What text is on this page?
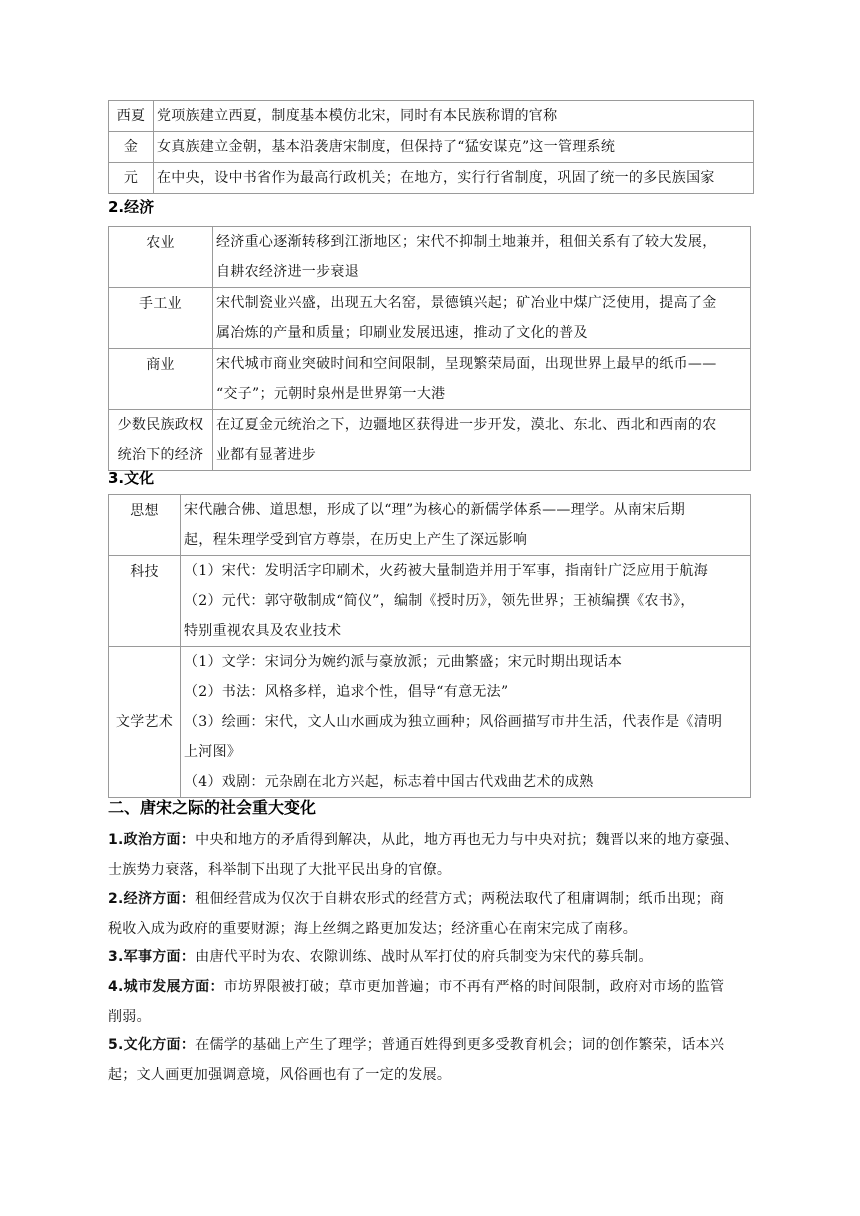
西夏	党项族建立西夏，制度基本模仿北宋，同时有本民族称谓的官称
金	女真族建立金朝，基本沿袭唐宋制度，但保持了“猛安谋克”这一管理系统
元	在中央，设中书省作为最高行政机关；在地方，实行行省制度，巩固了统一的多民族国家
2.经济
农业	经济重心逐渐转移到江浙地区；宋代不抑制土地兼并，租佃关系有了较大发展，
自耕农经济进一步衰退

手工业	宋代制瓷业兴盛，出现五大名窑，景德镇兴起；矿冶业中煤广泛使用，提高了金
属冶炼的产量和质量；印刷业发展迅速，推动了文化的普及

商业	宋代城市商业突破时间和空间限制，呈现繁荣局面，出现世界上最早的纸币——
“交子”；元朝时泉州是世界第一大港

少数民族政权
统治下的经济	在辽夏金元统治之下，边疆地区获得进一步开发，漠北、东北、西北和西南的农
业都有显著进步
3.文化
思想	宋代融合佛、道思想，形成了以“理”为核心的新儒学体系——理学。从南宋后期
起，程朱理学受到官方尊崇，在历史上产生了深远影响

科技	（1）宋代：发明活字印刷术，火药被大量制造并用于军事，指南针广泛应用于航海
（2）元代：郭守敬制成“简仪”，编制《授时历》，领先世界；王祯编撰《农书》，
特别重视农具及农业技术

文学艺术	（1）文学：宋词分为婉约派与豪放派；元曲繁盛；宋元时期出现话本
（2）书法：风格多样，追求个性，倡导“有意无法”
（3）绘画：宋代，文人山水画成为独立画种；风俗画描写市井生活，代表作是《清明
上河图》
（4）戏剧：元杂剧在北方兴起，标志着中国古代戏曲艺术的成熟
二、唐宋之际的社会重大变化
1.政治方面：中央和地方的矛盾得到解决，从此，地方再也无力与中央对抗；魏晋以来的地方豪强、
士族势力衰落，科举制下出现了大批平民出身的官僚。
2.经济方面：租佃经营成为仅次于自耕农形式的经营方式；两税法取代了租庸调制；纸币出现；商
税收入成为政府的重要财源；海上丝绸之路更加发达；经济重心在南宋完成了南移。
3.军事方面：由唐代平时为农、农隙训练、战时从军打仗的府兵制变为宋代的募兵制。
4.城市发展方面：市坊界限被打破；草市更加普遍；市不再有严格的时间限制，政府对市场的监管
削弱。
5.文化方面：在儒学的基础上产生了理学；普通百姓得到更多受教育机会；词的创作繁荣，话本兴
起；文人画更加强调意境，风俗画也有了一定的发展。
